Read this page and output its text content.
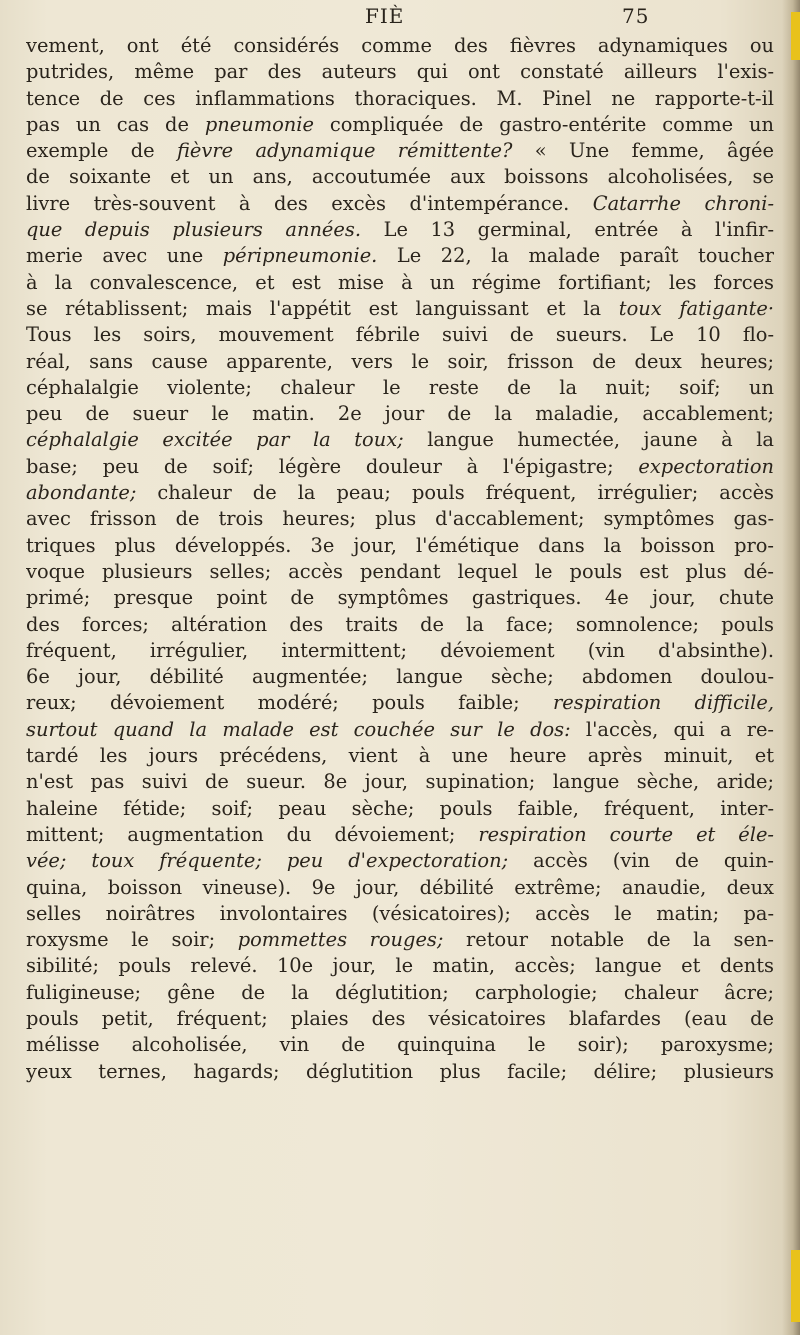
FIÈ	75
vement, ont été considérés comme des fièvres adynamiques ou
putrides, même par des auteurs qui ont constaté ailleurs l'exis-
tence de ces inflammations thoraciques. M. Pinel ne rapporte-t-il
pas un cas de pneumonie compliquée de gastro-entérite comme un
exemple de fièvre adynamique rémittente? « Une femme, âgée
de soixante et un ans, accoutumée aux boissons alcoholisées, se
livre très-souvent à des excès d'intempérance. Catarrhe chroni-
que depuis plusieurs années. Le 13 germinal, entrée à l'infir-
merie avec une péripneumonie. Le 22, la malade paraît toucher
à la convalescence, et est mise à un régime fortifiant; les forces
se rétablissent; mais l'appétit est languissant et la toux fatigante·
Tous les soirs, mouvement fébrile suivi de sueurs. Le 10 flo-
réal, sans cause apparente, vers le soir, frisson de deux heures;
céphalalgie violente; chaleur le reste de la nuit; soif; un
peu de sueur le matin. 2e jour de la maladie, accablement;
céphalalgie excitée par la toux; langue humectée, jaune à la
base; peu de soif; légère douleur à l'épigastre; expectoration
abondante; chaleur de la peau; pouls fréquent, irrégulier; accès
avec frisson de trois heures; plus d'accablement; symptômes gas-
triques plus développés. 3e jour, l'émétique dans la boisson pro-
voque plusieurs selles; accès pendant lequel le pouls est plus dé-
primé; presque point de symptômes gastriques. 4e jour, chute
des forces; altération des traits de la face; somnolence; pouls
fréquent, irrégulier, intermittent; dévoiement (vin d'absinthe).
6e jour, débilité augmentée; langue sèche; abdomen doulou-
reux; dévoiement modéré; pouls faible; respiration difficile,
surtout quand la malade est couchée sur le dos: l'accès, qui a re-
tardé les jours précédens, vient à une heure après minuit, et
n'est pas suivi de sueur. 8e jour, supination; langue sèche, aride;
haleine fétide; soif; peau sèche; pouls faible, fréquent, inter-
mittent; augmentation du dévoiement; respiration courte et éle-
vée; toux fréquente; peu d'expectoration; accès (vin de quin-
quina, boisson vineuse). 9e jour, débilité extrême; anaudie, deux
selles noirâtres involontaires (vésicatoires); accès le matin; pa-
roxysme le soir; pommettes rouges; retour notable de la sen-
sibilité; pouls relevé. 10e jour, le matin, accès; langue et dents
fuligineuse; gêne de la déglutition; carphologie; chaleur âcre;
pouls petit, fréquent; plaies des vésicatoires blafardes (eau de
mélisse alcoholisée, vin de quinquina le soir); paroxysme;
yeux ternes, hagards; déglutition plus facile; délire; plusieurs
